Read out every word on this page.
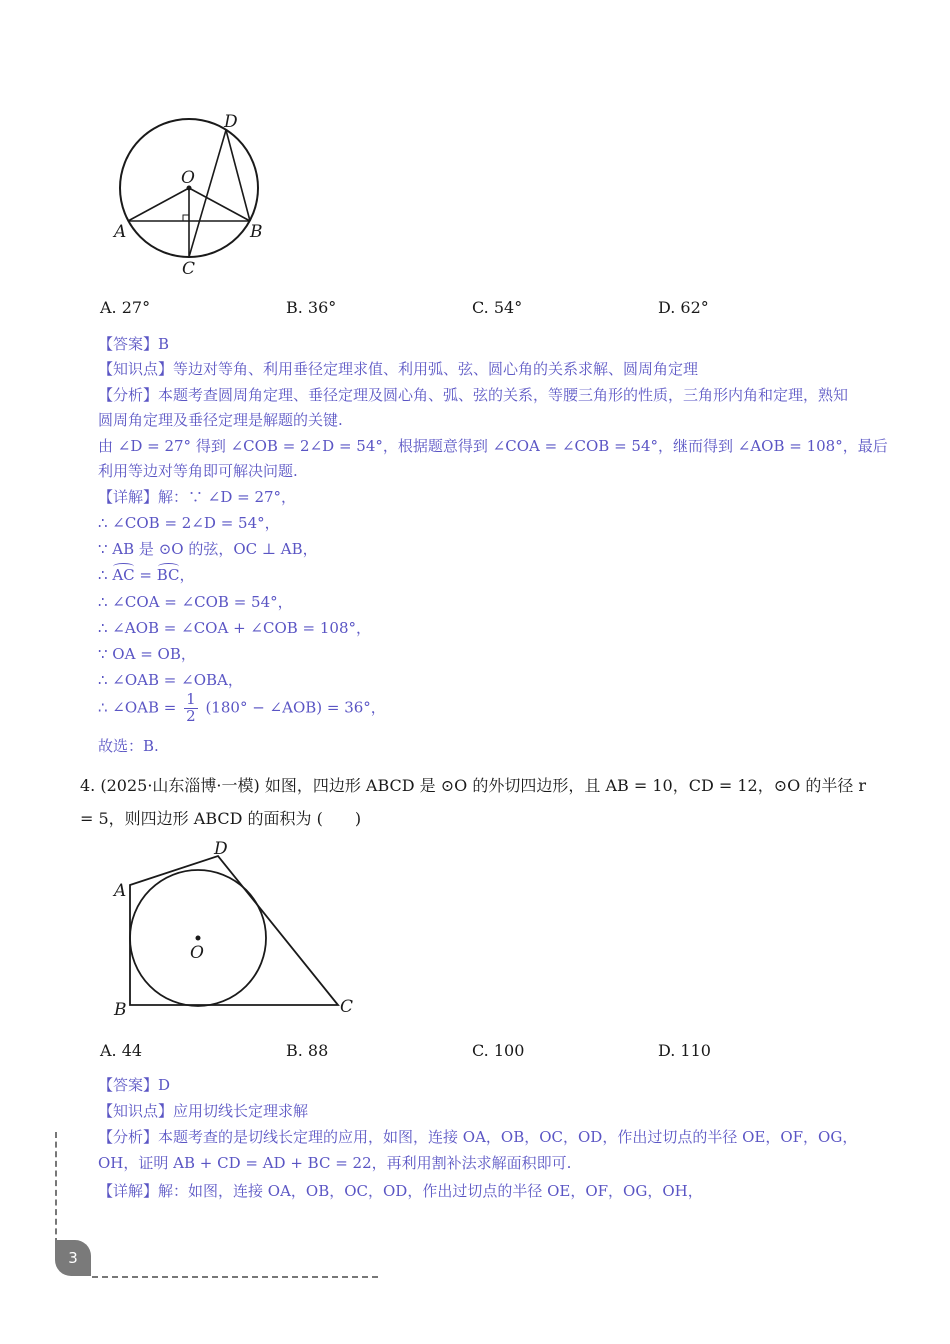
D
O
A	B
C
A. 27°	B. 36°	C. 54°	D. 62°
【答案】B
【知识点】等边对等角、利用垂径定理求值、利用弧、弦、圆心角的关系求解、圆周角定理
【分析】本题考查圆周角定理、垂径定理及圆心角、弧、弦的关系，等腰三角形的性质，三角形内角和定理，熟知
圆周角定理及垂径定理是解题的关键.
由 ∠D = 27° 得到 ∠COB = 2∠D = 54°，根据题意得到 ∠COA = ∠COB = 54°，继而得到 ∠AOB = 108°，最后
利用等边对等角即可解决问题.
【详解】解：∵ ∠D = 27°，
∴ ∠COB = 2∠D = 54°，
∵ AB 是 ⊙O 的弦，OC ⊥ AB，
∴ AC = BC，
∴ ∠COA = ∠COB = 54°，
∴ ∠AOB = ∠COA + ∠COB = 108°，
∵ OA = OB，
∴ ∠OAB = ∠OBA，
∴ ∠OAB = $\frac{1}{2} (180^\circ$ − ∠AOB) = 36°，
故选：B.
4. (2025·山东淄博·一模) 如图，四边形 ABCD 是 ⊙O 的外切四边形，且 AB = 10，CD = 12，⊙O 的半径 r
= 5，则四边形 ABCD 的面积为 (　　)
A
B	C
D
O
A. 44	B. 88	C. 100	D. 110
【答案】D
【知识点】应用切线长定理求解
【分析】本题考查的是切线长定理的应用，如图，连接 OA，OB，OC，OD，作出过切点的半径 OE，OF，OG，
OH，证明 AB + CD = AD + BC = 22，再利用割补法求解面积即可.
【详解】解：如图，连接 OA，OB，OC，OD，作出过切点的半径 OE，OF，OG，OH，
3
